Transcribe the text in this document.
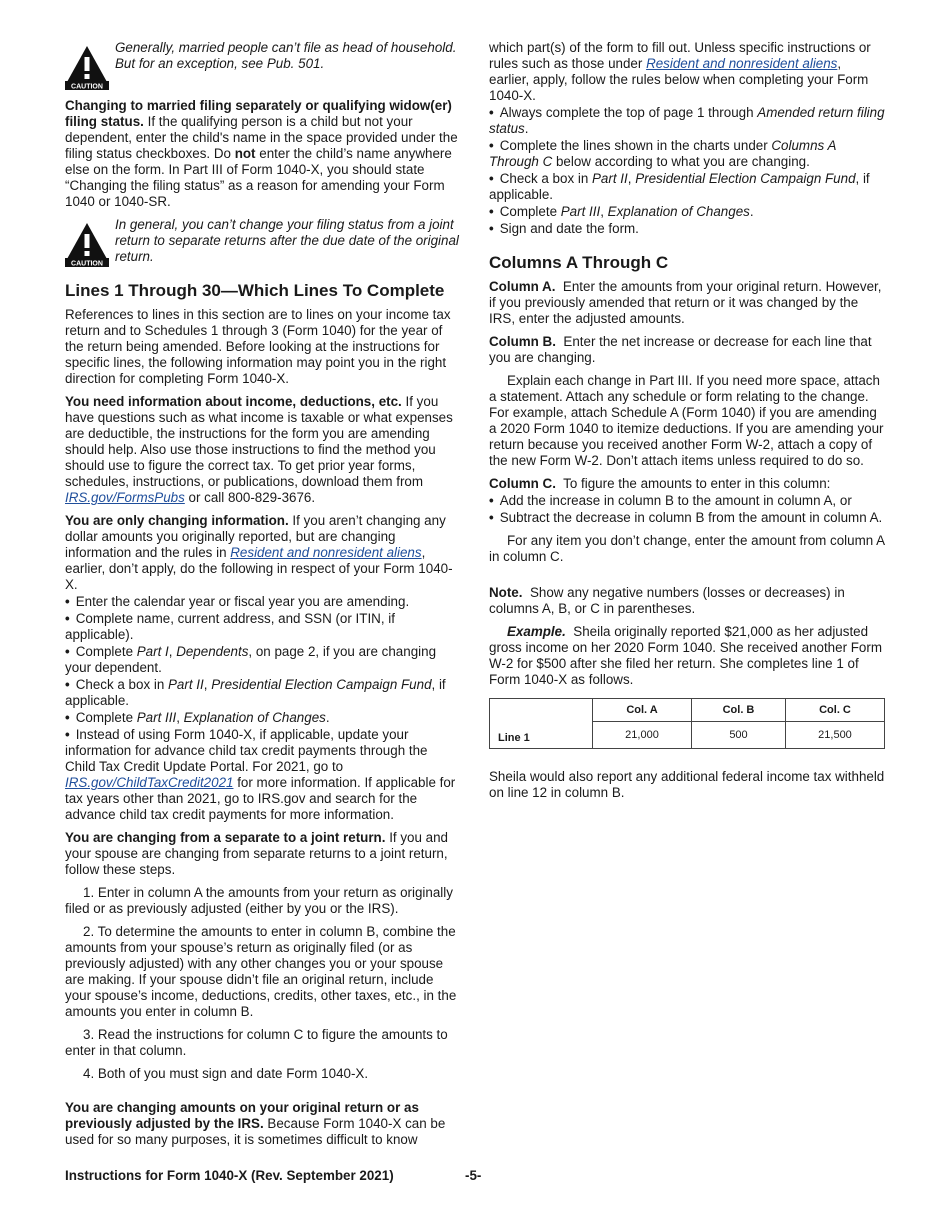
CAUTION
Generally, married people can’t file as head of household. But for an exception, see Pub. 501.

Changing to married filing separately or qualifying widow(er) filing status. If the qualifying person is a child but not your dependent, enter the child's name in the space provided under the filing status checkboxes. Do not enter the child’s name anywhere else on the form. In Part III of Form 1040-X, you should state “Changing the filing status” as a reason for amending your Form 1040 or 1040-SR.

CAUTION
In general, you can’t change your filing status from a joint return to separate returns after the due date of the original return.
Lines 1 Through 30—Which Lines To Complete

References to lines in this section are to lines on your income tax return and to Schedules 1 through 3 (Form 1040) for the year of the return being amended. Before looking at the instructions for specific lines, the following information may point you in the right direction for completing Form 1040-X.

You need information about income, deductions, etc. If you have questions such as what income is taxable or what expenses are deductible, the instructions for the form you are amending should help. Also use those instructions to find the method you should use to figure the correct tax. To get prior year forms, schedules, instructions, or publications, download them from IRS.gov/FormsPubs or call 800-829-3676.

You are only changing information. If you aren’t changing any dollar amounts you originally reported, but are changing information and the rules in Resident and nonresident aliens, earlier, don’t apply, do the following in respect of your Form 1040-X.

• Enter the calendar year or fiscal year you are amending.
• Complete name, current address, and SSN (or ITIN, if applicable).
• Complete Part I, Dependents, on page 2, if you are changing your dependent.
• Check a box in Part II, Presidential Election Campaign Fund, if applicable.
• Complete Part III, Explanation of Changes.
• Instead of using Form 1040-X, if applicable, update your information for advance child tax credit payments through the Child Tax Credit Update Portal. For 2021, go to IRS.gov/ChildTaxCredit2021 for more information. If applicable for tax years other than 2021, go to IRS.gov and search for the advance child tax credit payments for more information.

You are changing from a separate to a joint return. If you and your spouse are changing from separate returns to a joint return, follow these steps.

1. Enter in column A the amounts from your return as originally filed or as previously adjusted (either by you or the IRS).

2. To determine the amounts to enter in column B, combine the amounts from your spouse’s return as originally filed (or as previously adjusted) with any other changes you or your spouse are making. If your spouse didn’t file an original return, include your spouse’s income, deductions, credits, other taxes, etc., in the amounts you enter in column B.

3. Read the instructions for column C to figure the amounts to enter in that column.

4. Both of you must sign and date Form 1040-X.

You are changing amounts on your original return or as previously adjusted by the IRS. Because Form 1040-X can be used for so many purposes, it is sometimes difficult to know

which part(s) of the form to fill out. Unless specific instructions or rules such as those under Resident and nonresident aliens, earlier, apply, follow the rules below when completing your Form 1040-X.

• Always complete the top of page 1 through Amended return filing status.
• Complete the lines shown in the charts under Columns A Through C below according to what you are changing.
• Check a box in Part II, Presidential Election Campaign Fund, if applicable.
• Complete Part III, Explanation of Changes.
• Sign and date the form.
Columns A Through C

Column A. Enter the amounts from your original return. However, if you previously amended that return or it was changed by the IRS, enter the adjusted amounts.

Column B. Enter the net increase or decrease for each line that you are changing.

Explain each change in Part III. If you need more space, attach a statement. Attach any schedule or form relating to the change. For example, attach Schedule A (Form 1040) if you are amending a 2020 Form 1040 to itemize deductions. If you are amending your return because you received another Form W-2, attach a copy of the new Form W-2. Don’t attach items unless required to do so.

Column C. To figure the amounts to enter in this column:

• Add the increase in column B to the amount in column A, or
• Subtract the decrease in column B from the amount in column A.

For any item you don’t change, enter the amount from column A in column C.

Note. Show any negative numbers (losses or decreases) in columns A, B, or C in parentheses.

Example. Sheila originally reported $21,000 as her adjusted gross income on her 2020 Form 1040. She received another Form W-2 for $500 after she filed her return. She completes line 1 of Form 1040-X as follows.

	Col. A	Col. B	Col. C
Line 1	21,000	500	21,500

Sheila would also report any additional federal income tax withheld on line 12 in column B.

Instructions for Form 1040-X (Rev. September 2021)	-5-
